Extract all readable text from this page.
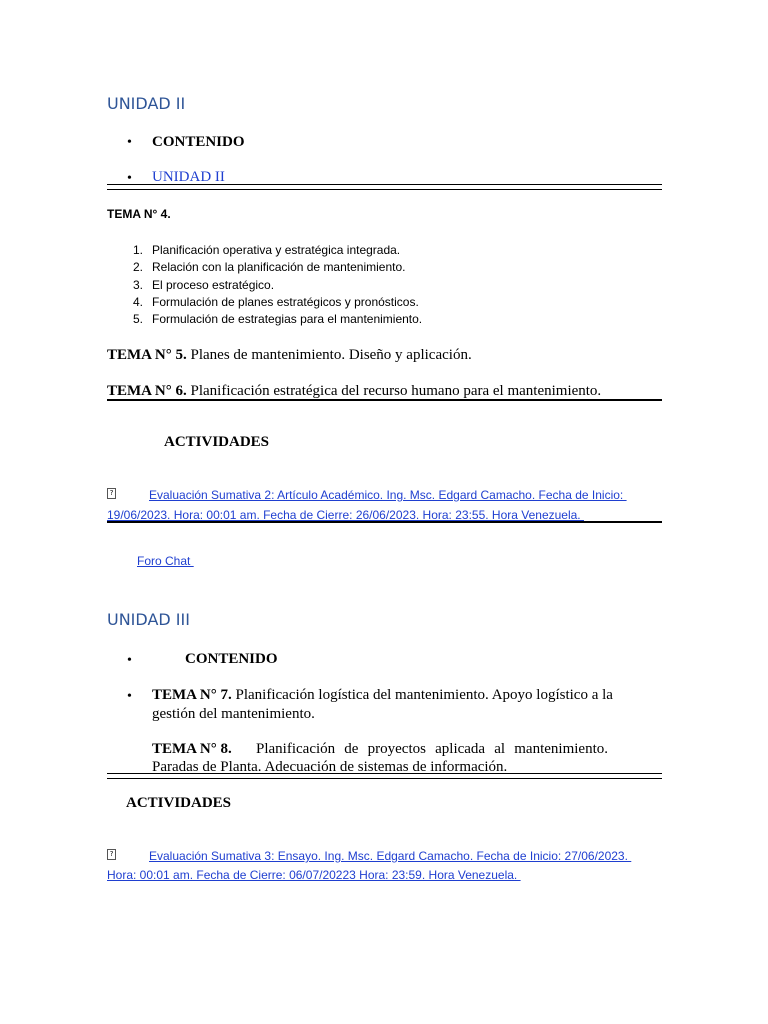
UNIDAD II
• CONTENIDO
• UNIDAD II
TEMA N° 4.
1. Planificación operativa y estratégica integrada.
2. Relación con la planificación de mantenimiento.
3. El proceso estratégico.
4. Formulación de planes estratégicos y pronósticos.
5. Formulación de estrategias para el mantenimiento.
TEMA N° 5. Planes de mantenimiento. Diseño y aplicación.
TEMA N° 6. Planificación estratégica del recurso humano para el mantenimiento.
ACTIVIDADES
?	Evaluación Sumativa 2: Artículo Académico. Ing. Msc. Edgard Camacho. Fecha de Inicio:
19/06/2023. Hora: 00:01 am. Fecha de Cierre: 26/06/2023. Hora: 23:55. Hora Venezuela.
Foro Chat
UNIDAD III
•	CONTENIDO
• TEMA N° 7. Planificación logística del mantenimiento. Apoyo logístico a la
gestión del mantenimiento.
TEMA N° 8. Planificación de proyectos aplicada al mantenimiento.
Paradas de Planta. Adecuación de sistemas de información.
ACTIVIDADES
?	Evaluación Sumativa 3: Ensayo. Ing. Msc. Edgard Camacho. Fecha de Inicio: 27/06/2023.
Hora: 00:01 am. Fecha de Cierre: 06/07/20223 Hora: 23:59. Hora Venezuela.
